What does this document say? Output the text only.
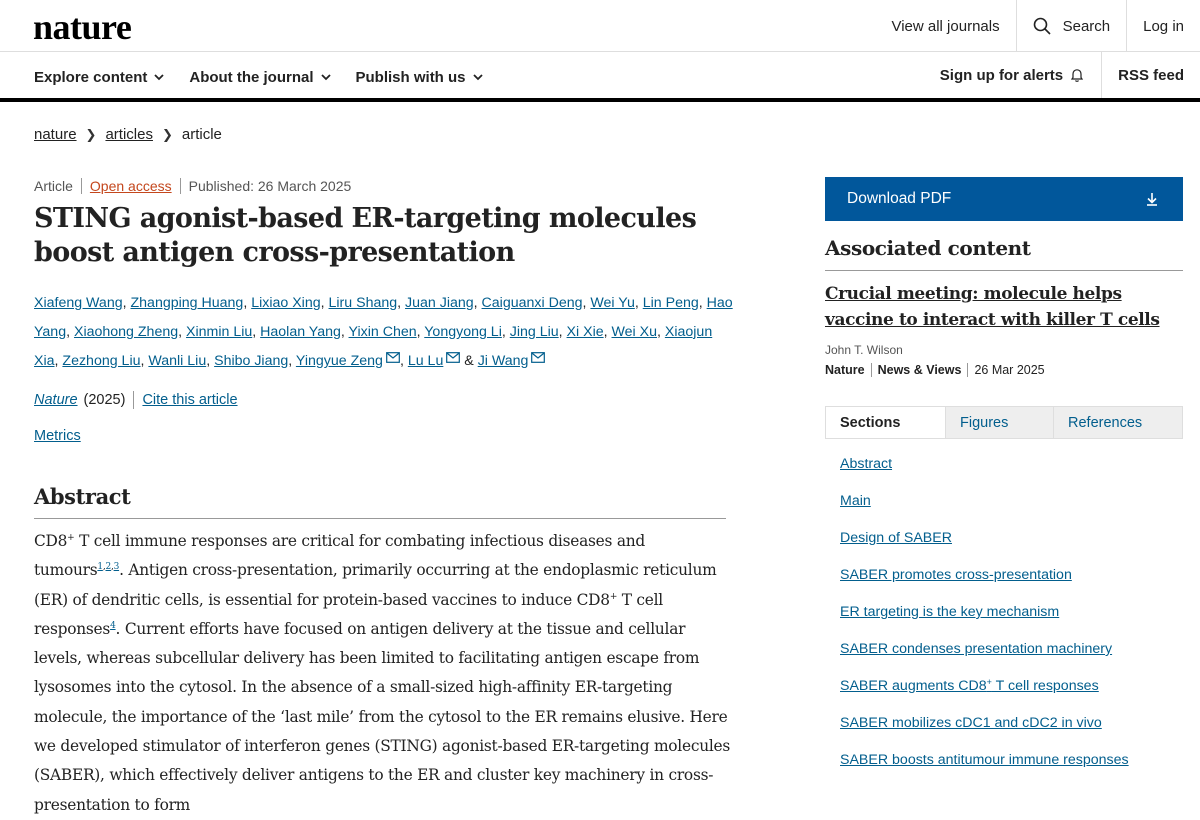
nature	View all journals	Search	Log in
Explore content	About the journal	Publish with us	Sign up for alerts	RSS feed
nature ❯ articles ❯ article
Article Open access Published: 26 March 2025
STING agonist-based ER-targeting molecules boost antigen cross-presentation
Xiafeng Wang, Zhangping Huang, Lixiao Xing, Liru Shang, Juan Jiang, Caiguanxi Deng, Wei Yu, Lin Peng, Hao Yang, Xiaohong Zheng, Xinmin Liu, Haolan Yang, Yixin Chen, Yongyong Li, Jing Liu, Xi Xie, Wei Xu, Xiaojun Xia, Zezhong Liu, Wanli Liu, Shibo Jiang, Yingyue Zeng , Lu Lu & Ji Wang
Nature (2025) Cite this article
Metrics
Abstract

CD8+ T cell immune responses are critical for combating infectious diseases and tumours$^{1,2,3}$. Antigen cross-presentation, primarily occurring at the endoplasmic reticulum (ER) of dendritic cells, is essential for protein-based vaccines to induce CD8+ T cell responses$^4$. Current efforts have focused on antigen delivery at the tissue and cellular levels, whereas subcellular delivery has been limited to facilitating antigen escape from lysosomes into the cytosol. In the absence of a small-sized high-affinity ER-targeting molecule, the importance of the ‘last mile’ from the cytosol to the ER remains elusive. Here we developed stimulator of interferon genes (STING) agonist-based ER-targeting molecules (SABER), which effectively deliver antigens to the ER and cluster key machinery in cross-presentation to form

Download PDF
Associated content
Crucial meeting: molecule helps vaccine to interact with killer T cells
John T. Wilson
Nature News & Views 26 Mar 2025
Sections	Figures	References
Abstract
Main
Design of SABER
SABER promotes cross-presentation
ER targeting is the key mechanism
SABER condenses presentation machinery
SABER augments CD8+ T cell responses
SABER mobilizes cDC1 and cDC2 in vivo
SABER boosts antitumour immune responses
